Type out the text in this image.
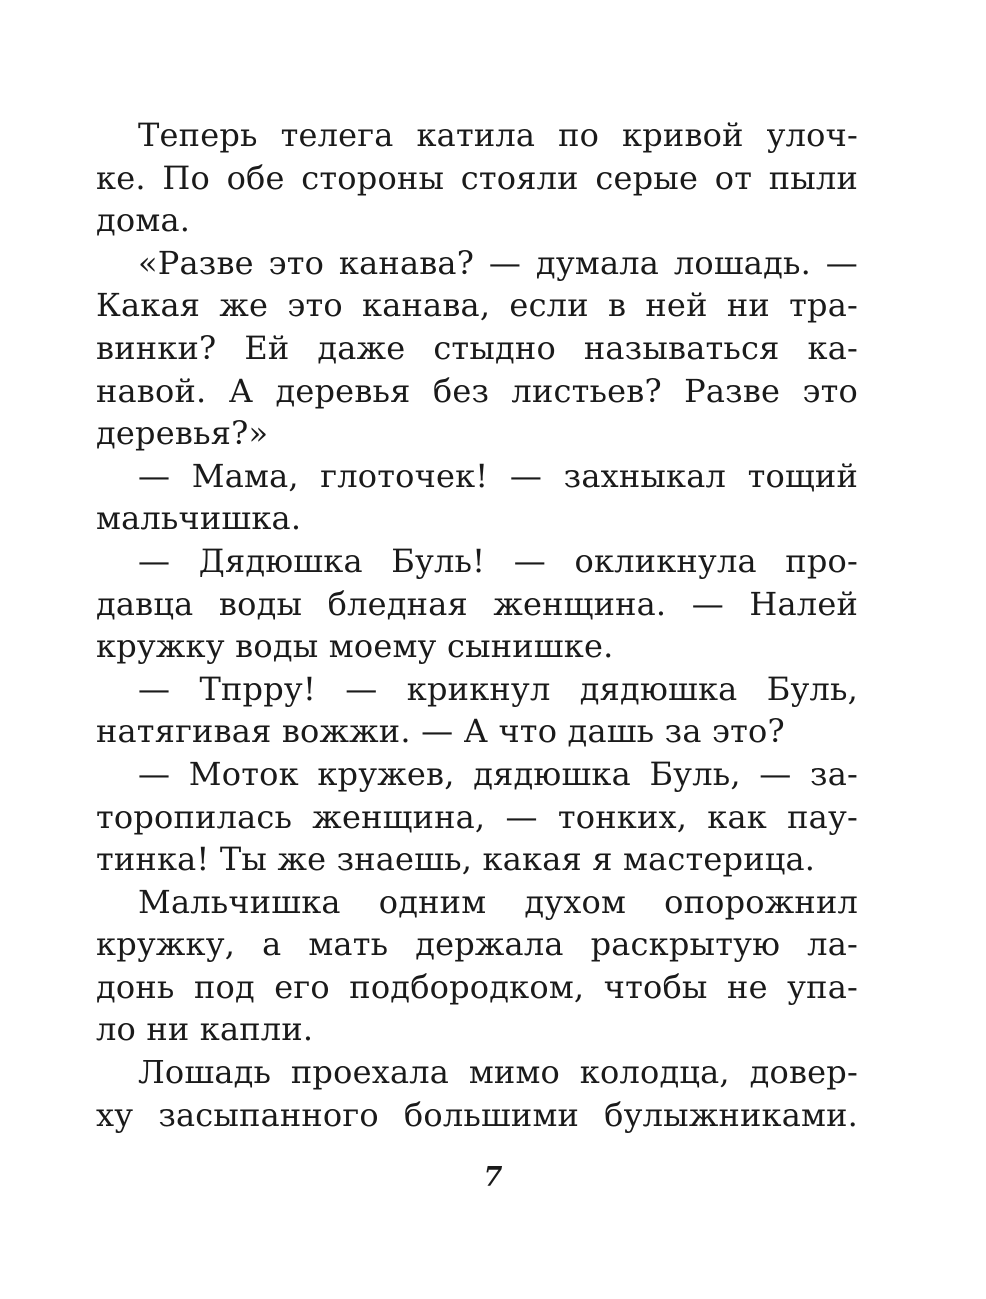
Теперь телега катила по кривой улоч-
ке. По обе стороны стояли серые от пыли
дома.
«Разве это канава? — думала лошадь. —
Какая же это канава, если в ней ни тра-
винки? Ей даже стыдно называться ка-
навой. А деревья без листьев? Разве это
деревья?»
— Мама, глоточек! — захныкал тощий
мальчишка.
— Дядюшка Буль! — окликнула про-
давца воды бледная женщина. — Налей
кружку воды моему сынишке.
— Тпрру! — крикнул дядюшка Буль,
натягивая вожжи. — А что дашь за это?
— Моток кружев, дядюшка Буль, — за-
торопилась женщина, — тонких, как пау-
тинка! Ты же знаешь, какая я мастерица.
Мальчишка одним духом опорожнил
кружку, а мать держала раскрытую ла-
донь под его подбородком, чтобы не упа-
ло ни капли.
Лошадь проехала мимо колодца, довер-
ху засыпанного большими булыжниками.
7
